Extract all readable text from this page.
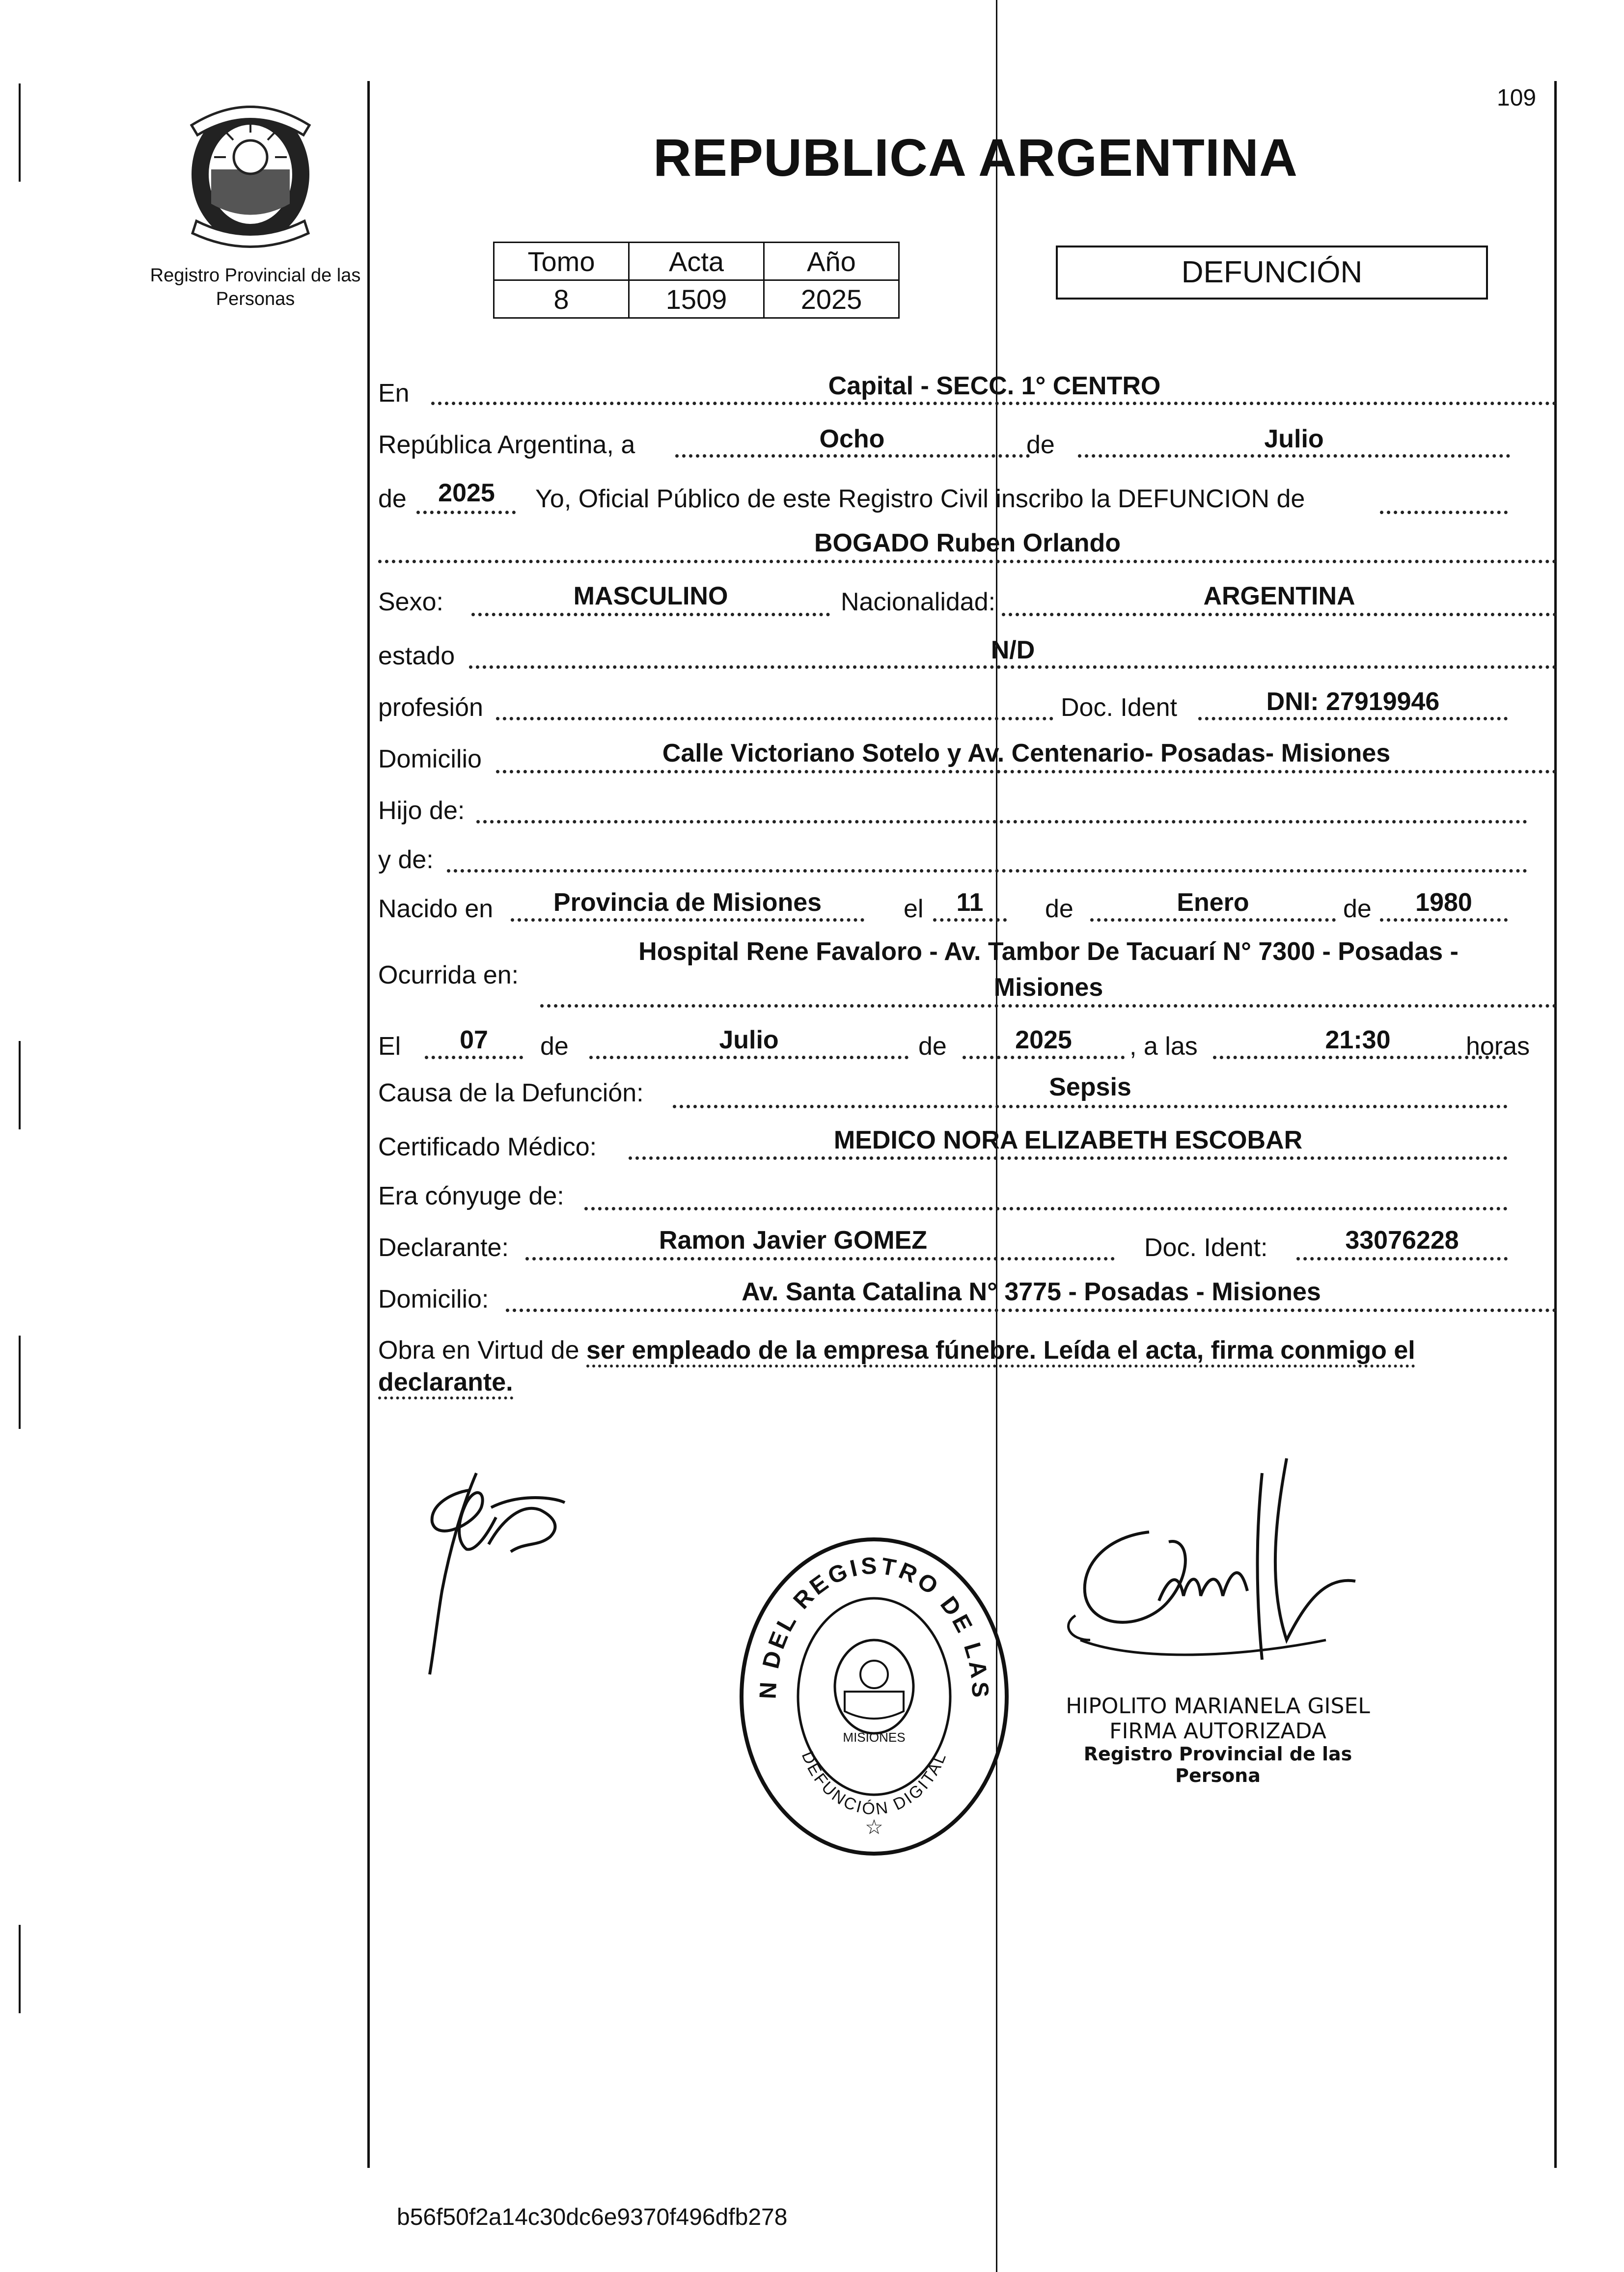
109
Registro Provincial de las Personas
REPUBLICA ARGENTINA
Tomo	Acta	Año
8	1509	2025
DEFUNCIÓN
En	Capital - SECC. 1° CENTRO
República Argentina, a	Ocho	de	Julio
de	2025	Yo, Oficial Público de este Registro Civil inscribo la DEFUNCION de
BOGADO Ruben Orlando
Sexo:	MASCULINO	Nacionalidad:	ARGENTINA
estado	N/D
profesión	Doc. Ident	DNI: 27919946
Domicilio	Calle Victoriano Sotelo y Av. Centenario- Posadas- Misiones
Hijo de:
y de:
Nacido en	Provincia de Misiones	el	11	de	Enero	de	1980
Ocurrida en:
Hospital Rene Favaloro - Av. Tambor De Tacuarí N° 7300 - Posadas -
Misiones
El	07	de	Julio	de	2025	, a las	21:30	horas
Causa de la Defunción:	Sepsis
Certificado Médico:	MEDICO NORA ELIZABETH ESCOBAR
Era cónyuge de:
Declarante:	Ramon Javier GOMEZ	Doc. Ident:	33076228
Domicilio:	Av. Santa Catalina N° 3775 - Posadas - Misiones
Obra en Virtud de ser empleado de la empresa fúnebre. Leída el acta, firma conmigo el
declarante.
N DEL REGISTRO DE LAS
DEFUNCIÓN DIGITAL
MISIONES
☆
HIPOLITO MARIANELA GISEL
FIRMA AUTORIZADA
Registro Provincial de las Persona
b56f50f2a14c30dc6e9370f496dfb278
